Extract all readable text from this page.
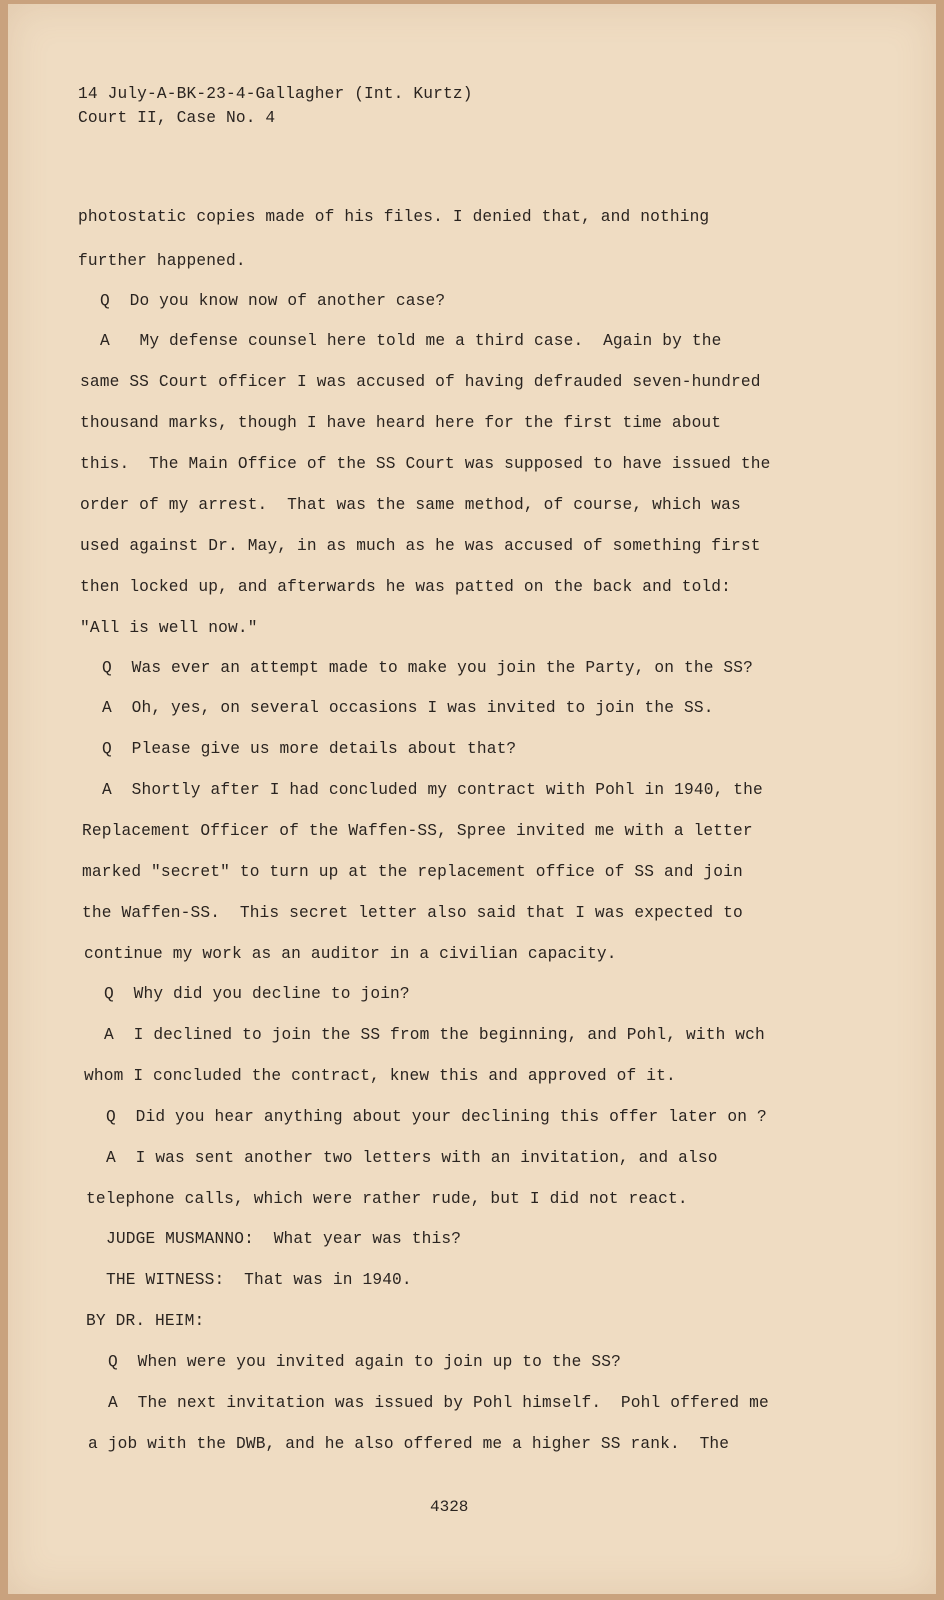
14 July-A-BK-23-4-Gallagher (Int. Kurtz)
Court II, Case No. 4
photostatic copies made of his files. I denied that, and nothing
further happened.
Q  Do you know now of another case?
A   My defense counsel here told me a third case.  Again by the
same SS Court officer I was accused of having defrauded seven-hundred
thousand marks, though I have heard here for the first time about
this.  The Main Office of the SS Court was supposed to have issued the
order of my arrest.  That was the same method, of course, which was
used against Dr. May, in as much as he was accused of something first
then locked up, and afterwards he was patted on the back and told:
"All is well now."
Q  Was ever an attempt made to make you join the Party, on the SS?
A  Oh, yes, on several occasions I was invited to join the SS.
Q  Please give us more details about that?
A  Shortly after I had concluded my contract with Pohl in 1940, the
Replacement Officer of the Waffen-SS, Spree invited me with a letter
marked "secret" to turn up at the replacement office of SS and join
the Waffen-SS.  This secret letter also said that I was expected to
continue my work as an auditor in a civilian capacity.
Q  Why did you decline to join?
A  I declined to join the SS from the beginning, and Pohl, with wch
whom I concluded the contract, knew this and approved of it.
Q  Did you hear anything about your declining this offer later on ?
A  I was sent another two letters with an invitation, and also
telephone calls, which were rather rude, but I did not react.
JUDGE MUSMANNO:  What year was this?
THE WITNESS:  That was in 1940.
BY DR. HEIM:
Q  When were you invited again to join up to the SS?
A  The next invitation was issued by Pohl himself.  Pohl offered me
a job with the DWB, and he also offered me a higher SS rank.  The
4328
